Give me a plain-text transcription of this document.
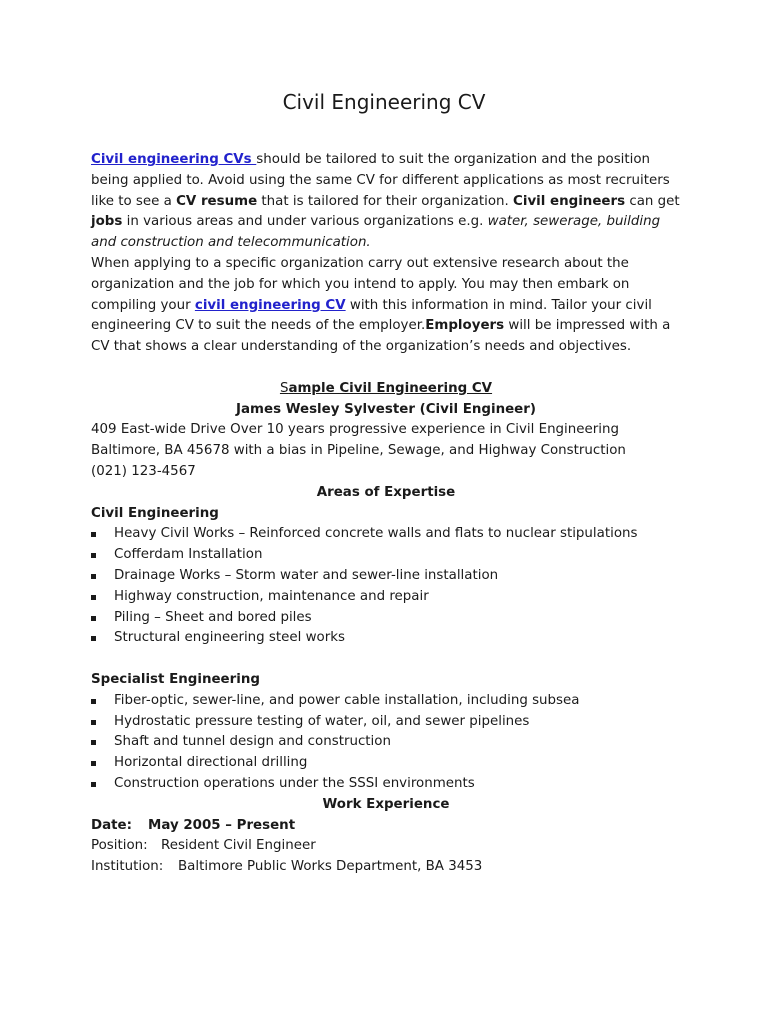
Civil Engineering CV

Civil engineering CVs should be tailored to suit the organization and the position being applied to. Avoid using the same CV for different applications as most recruiters like to see a CV resume that is tailored for their organization. Civil engineers can get jobs in various areas and under various organizations e.g. water, sewerage, building and construction and telecommunication.

When applying to a specific organization carry out extensive research about the organization and the job for which you intend to apply. You may then embark on compiling your civil engineering CV with this information in mind. Tailor your civil engineering CV to suit the needs of the employer.Employers will be impressed with a CV that shows a clear understanding of the organization’s needs and objectives.

Sample Civil Engineering CV

James Wesley Sylvester (Civil Engineer)

409 East-wide Drive Over 10 years progressive experience in Civil Engineering

Baltimore, BA 45678 with a bias in Pipeline, Sewage, and Highway Construction

(021) 123-4567

Areas of Expertise

Civil Engineering

Heavy Civil Works – Reinforced concrete walls and flats to nuclear stipulations
Cofferdam Installation
Drainage Works – Storm water and sewer-line installation
Highway construction, maintenance and repair
Piling – Sheet and bored piles
Structural engineering steel works

Specialist Engineering

Fiber-optic, sewer-line, and power cable installation, including subsea
Hydrostatic pressure testing of water, oil, and sewer pipelines
Shaft and tunnel design and construction
Horizontal directional drilling
Construction operations under the SSSI environments

Work Experience

Date: May 2005 – Present

Position: Resident Civil Engineer

Institution: Baltimore Public Works Department, BA 3453
